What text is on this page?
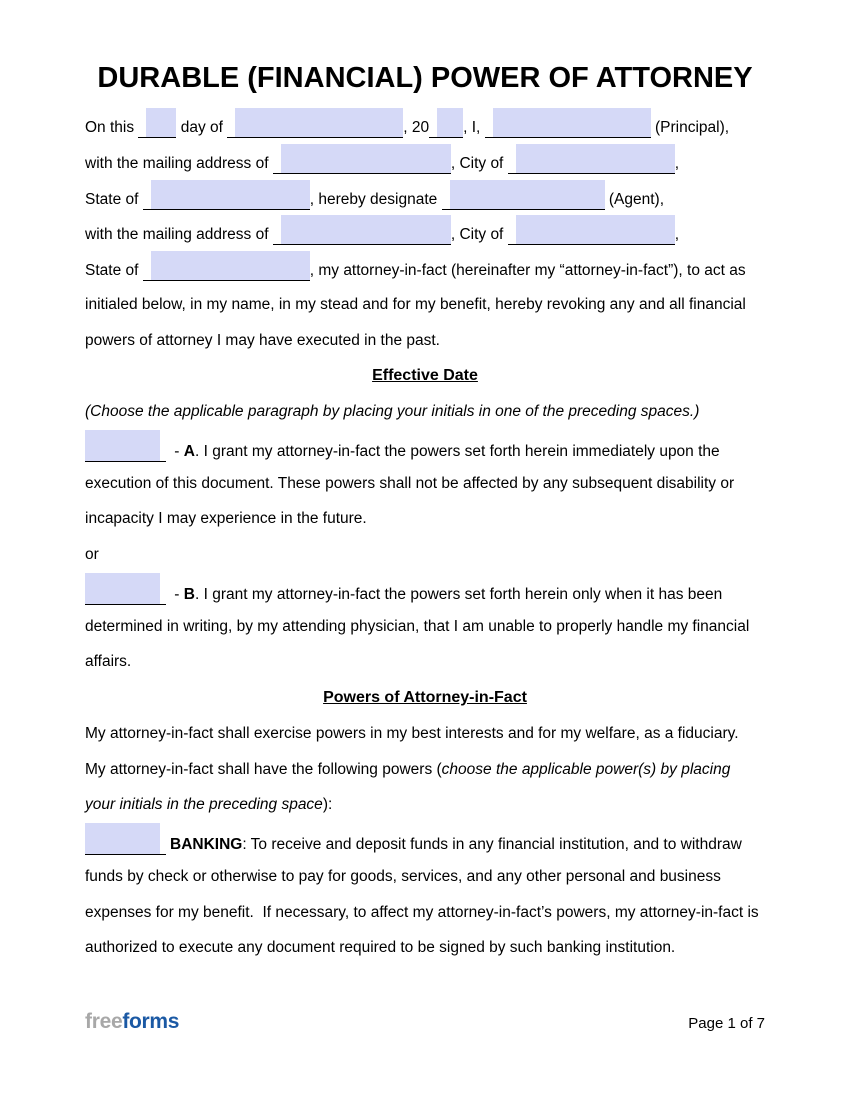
DURABLE (FINANCIAL) POWER OF ATTORNEY
On this  day of	, 20 , I,	(Principal),
with the mailing address of	, City of	,
State of	, hereby designate	(Agent),
with the mailing address of	, City of	,
State of	, my attorney-in-fact (hereinafter my “attorney-in-fact”), to act as
initialed below, in my name, in my stead and for my benefit, hereby revoking any and all financial
powers of attorney I may have executed in the past.
Effective Date
(Choose the applicable paragraph by placing your initials in one of the preceding spaces.)
- A. I grant my attorney-in-fact the powers set forth herein immediately upon the
execution of this document. These powers shall not be affected by any subsequent disability or
incapacity I may experience in the future.
or
- B. I grant my attorney-in-fact the powers set forth herein only when it has been
determined in writing, by my attending physician, that I am unable to properly handle my financial
affairs.
Powers of Attorney-in-Fact
My attorney-in-fact shall exercise powers in my best interests and for my welfare, as a fiduciary.
My attorney-in-fact shall have the following powers (choose the applicable power(s) by placing
your initials in the preceding space):
BANKING: To receive and deposit funds in any financial institution, and to withdraw
funds by check or otherwise to pay for goods, services, and any other personal and business
expenses for my benefit.  If necessary, to affect my attorney-in-fact’s powers, my attorney-in-fact is
authorized to execute any document required to be signed by such banking institution.
freeforms	Page 1 of 7
